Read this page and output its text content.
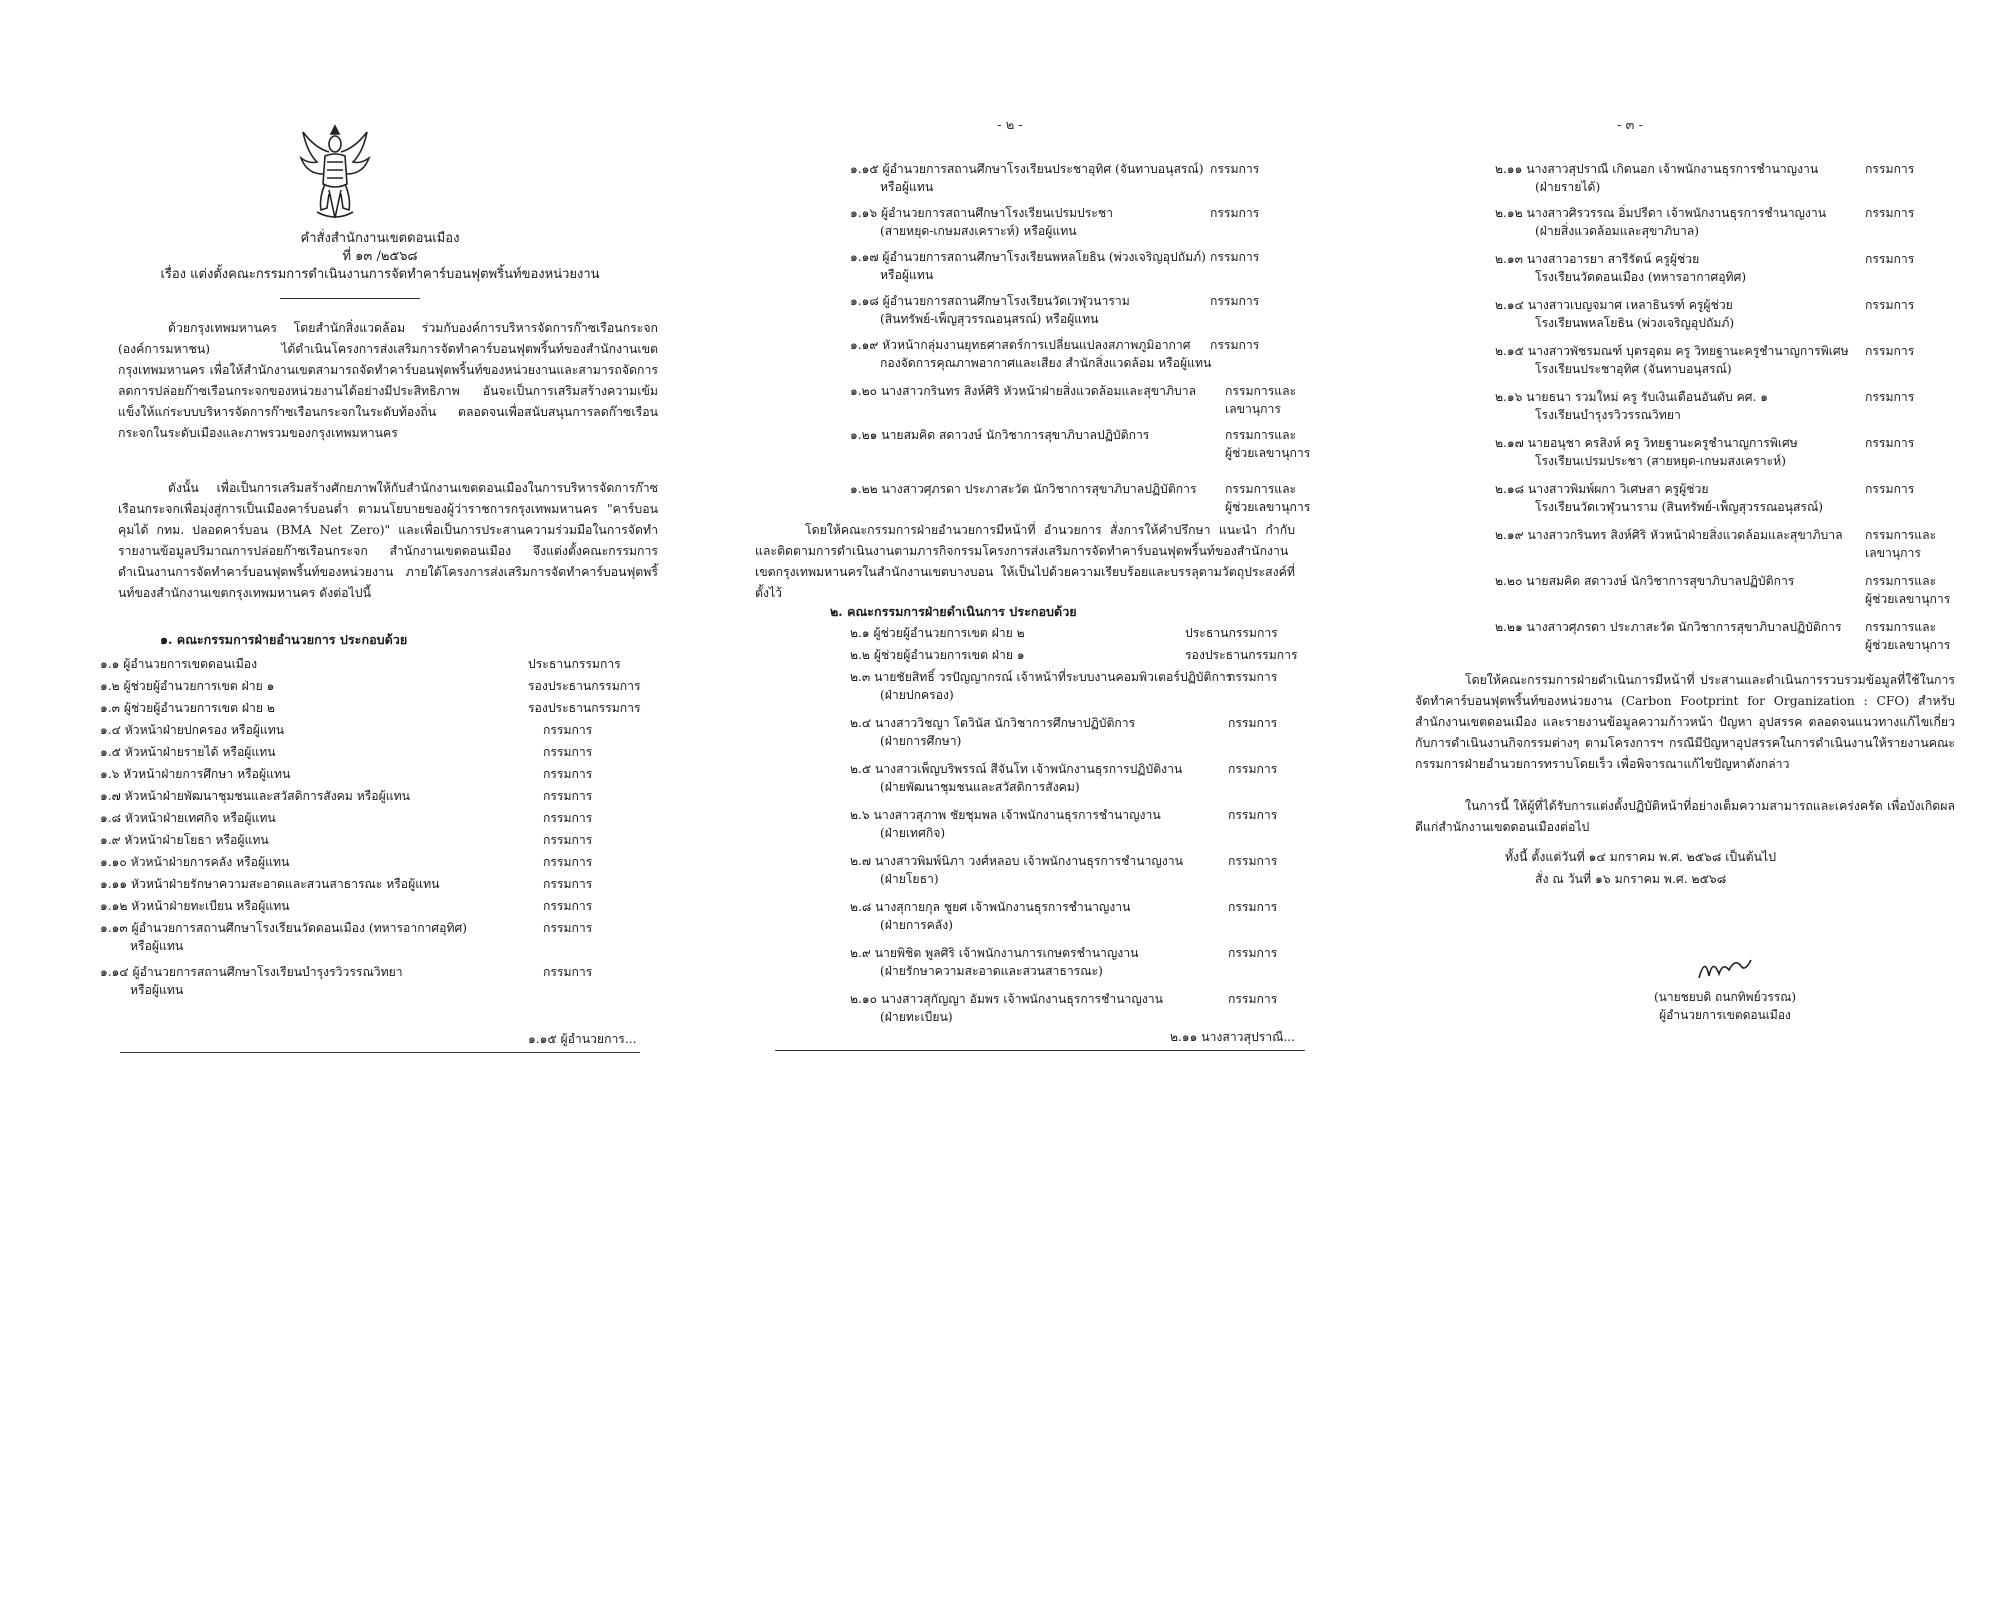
คำสั่งสำนักงานเขตดอนเมือง
ที่ ๑๓ /๒๕๖๘
เรื่อง แต่งตั้งคณะกรรมการดำเนินงานการจัดทำคาร์บอนฟุตพริ้นท์ของหน่วยงาน
ด้วยกรุงเทพมหานคร โดยสำนักสิ่งแวดล้อม ร่วมกับองค์การบริหารจัดการก๊าซเรือนกระจก (องค์การมหาชน) ได้ดำเนินโครงการส่งเสริมการจัดทำคาร์บอนฟุตพริ้นท์ของสำนักงานเขต กรุงเทพมหานคร เพื่อให้สำนักงานเขตสามารถจัดทำคาร์บอนฟุตพริ้นท์ของหน่วยงานและสามารถจัดการลดการปล่อยก๊าซเรือนกระจกของหน่วยงานได้อย่างมีประสิทธิภาพ อันจะเป็นการเสริมสร้างความเข้มแข็งให้แก่ระบบบริหารจัดการก๊าซเรือนกระจกในระดับท้องถิ่น ตลอดจนเพื่อสนับสนุนการลดก๊าซเรือนกระจกในระดับเมืองและภาพรวมของกรุงเทพมหานคร
ดังนั้น เพื่อเป็นการเสริมสร้างศักยภาพให้กับสำนักงานเขตดอนเมืองในการบริหารจัดการก๊าซเรือนกระจกเพื่อมุ่งสู่การเป็นเมืองคาร์บอนต่ำ ตามนโยบายของผู้ว่าราชการกรุงเทพมหานคร "คาร์บอนคุมได้ กทม. ปลอดคาร์บอน (BMA Net Zero)" และเพื่อเป็นการประสานความร่วมมือในการจัดทำรายงานข้อมูลปริมาณการปล่อยก๊าซเรือนกระจก สำนักงานเขตดอนเมือง จึงแต่งตั้งคณะกรรมการดำเนินงานการจัดทำคาร์บอนฟุตพริ้นท์ของหน่วยงาน ภายใต้โครงการส่งเสริมการจัดทำคาร์บอนฟุตพริ้นท์ของสำนักงานเขตกรุงเทพมหานคร ดังต่อไปนี้
๑. คณะกรรมการฝ่ายอำนวยการ ประกอบด้วย
๑.๑ ผู้อำนวยการเขตดอนเมือง	ประธานกรรมการ
๑.๒ ผู้ช่วยผู้อำนวยการเขต ฝ่าย ๑	รองประธานกรรมการ
๑.๓ ผู้ช่วยผู้อำนวยการเขต ฝ่าย ๒	รองประธานกรรมการ
๑.๔ หัวหน้าฝ่ายปกครอง หรือผู้แทน	กรรมการ
๑.๕ หัวหน้าฝ่ายรายได้ หรือผู้แทน	กรรมการ
๑.๖ หัวหน้าฝ่ายการศึกษา หรือผู้แทน	กรรมการ
๑.๗ หัวหน้าฝ่ายพัฒนาชุมชนและสวัสดิการสังคม หรือผู้แทน	กรรมการ
๑.๘ หัวหน้าฝ่ายเทศกิจ หรือผู้แทน	กรรมการ
๑.๙ หัวหน้าฝ่ายโยธา หรือผู้แทน	กรรมการ
๑.๑๐ หัวหน้าฝ่ายการคลัง หรือผู้แทน	กรรมการ
๑.๑๑ หัวหน้าฝ่ายรักษาความสะอาดและสวนสาธารณะ หรือผู้แทน	กรรมการ
๑.๑๒ หัวหน้าฝ่ายทะเบียน หรือผู้แทน	กรรมการ
๑.๑๓ ผู้อำนวยการสถานศึกษาโรงเรียนวัดดอนเมือง (ทหารอากาศอุทิศ)
หรือผู้แทน
กรรมการ
๑.๑๔ ผู้อำนวยการสถานศึกษาโรงเรียนบำรุงรวิวรรณวิทยา
หรือผู้แทน
กรรมการ
๑.๑๕ ผู้อำนวยการ...
- ๒ -
๑.๑๕ ผู้อำนวยการสถานศึกษาโรงเรียนประชาอุทิศ (จันทาบอนุสรณ์)
หรือผู้แทน
กรรมการ
๑.๑๖ ผู้อำนวยการสถานศึกษาโรงเรียนเปรมประชา
(สายหยุด-เกษมสงเคราะห์) หรือผู้แทน
กรรมการ
๑.๑๗ ผู้อำนวยการสถานศึกษาโรงเรียนพหลโยธิน (พ่วงเจริญอุปถัมภ์)
หรือผู้แทน
กรรมการ
๑.๑๘ ผู้อำนวยการสถานศึกษาโรงเรียนวัดเวฬุวนาราม
(สินทรัพย์-เพ็ญสุวรรณอนุสรณ์) หรือผู้แทน
กรรมการ
๑.๑๙ หัวหน้ากลุ่มงานยุทธศาสตร์การเปลี่ยนแปลงสภาพภูมิอากาศ
กองจัดการคุณภาพอากาศและเสียง สำนักสิ่งแวดล้อม หรือผู้แทน
กรรมการ
๑.๒๐ นางสาวกรินทร สิงห์ศิริ หัวหน้าฝ่ายสิ่งแวดล้อมและสุขาภิบาล กรรมการและ
เลขานุการ
๑.๒๑ นายสมคิด สดาวงษ์ นักวิชาการสุขาภิบาลปฏิบัติการ	กรรมการและ
ผู้ช่วยเลขานุการ
๑.๒๒ นางสาวศุภรดา ประภาสะวัต นักวิชาการสุขาภิบาลปฏิบัติการ กรรมการและ
ผู้ช่วยเลขานุการ
โดยให้คณะกรรมการฝ่ายอำนวยการมีหน้าที่ อำนวยการ สั่งการให้คำปรึกษา แนะนำ กำกับและติดตามการดำเนินงานตามภารกิจกรรมโครงการส่งเสริมการจัดทำคาร์บอนฟุตพริ้นท์ของสำนักงานเขตกรุงเทพมหานครในสำนักงานเขตบางบอน ให้เป็นไปด้วยความเรียบร้อยและบรรลุตามวัตถุประสงค์ที่ตั้งไว้
๒. คณะกรรมการฝ่ายดำเนินการ ประกอบด้วย
๒.๑ ผู้ช่วยผู้อำนวยการเขต ฝ่าย ๒	ประธานกรรมการ
๒.๒ ผู้ช่วยผู้อำนวยการเขต ฝ่าย ๑	รองประธานกรรมการ
๒.๓ นายชัยสิทธิ์ วรปัญญากรณ์ เจ้าหน้าที่ระบบงานคอมพิวเตอร์ปฏิบัติการ
(ฝ่ายปกครอง)
กรรมการ
๒.๔ นางสาววิชญา โตวินัส นักวิชาการศึกษาปฏิบัติการ
(ฝ่ายการศึกษา)
กรรมการ
๒.๕ นางสาวเพ็ญบริพรรณ์ สีจันโท เจ้าพนักงานธุรการปฏิบัติงาน
(ฝ่ายพัฒนาชุมชนและสวัสดิการสังคม)
กรรมการ
๒.๖ นางสาวสุภาพ ชัยชุมพล เจ้าพนักงานธุรการชำนาญงาน
(ฝ่ายเทศกิจ)
กรรมการ
๒.๗ นางสาวพิมพ์นิภา วงศ์หลอบ เจ้าพนักงานธุรการชำนาญงาน
(ฝ่ายโยธา)
กรรมการ
๒.๘ นางสุกายกุล ชูยศ เจ้าพนักงานธุรการชำนาญงาน
(ฝ่ายการคลัง)
กรรมการ
๒.๙ นายพิชิต พูลศิริ เจ้าพนักงานการเกษตรชำนาญงาน
(ฝ่ายรักษาความสะอาดและสวนสาธารณะ)
กรรมการ
๒.๑๐ นางสาวสุกัญญา อัมพร เจ้าพนักงานธุรการชำนาญงาน
(ฝ่ายทะเบียน)
กรรมการ
๒.๑๑ นางสาวสุปราณี...
- ๓ -
๒.๑๑ นางสาวสุปราณี เกิดนอก เจ้าพนักงานธุรการชำนาญงาน
(ฝ่ายรายได้)
กรรมการ
๒.๑๒ นางสาวศิรวรรณ อิ่มปรีดา เจ้าพนักงานธุรการชำนาญงาน
(ฝ่ายสิ่งแวดล้อมและสุขาภิบาล)
กรรมการ
๒.๑๓ นางสาวอารยา สารีรัตน์ ครูผู้ช่วย
โรงเรียนวัดดอนเมือง (ทหารอากาศอุทิศ)
กรรมการ
๒.๑๔ นางสาวเบญจมาศ เหลาธินรฑ์ ครูผู้ช่วย
โรงเรียนพหลโยธิน (พ่วงเจริญอุปถัมภ์)
กรรมการ
๒.๑๕ นางสาวพัชรมณฑ์ บุตรอุดม ครู วิทยฐานะครูชำนาญการพิเศษ
โรงเรียนประชาอุทิศ (จันทาบอนุสรณ์)
กรรมการ
๒.๑๖ นายธนา รวมใหม่ ครู รับเงินเดือนอันดับ คศ. ๑
โรงเรียนบำรุงรวิวรรณวิทยา
กรรมการ
๒.๑๗ นายอนุชา ครสิงห์ ครู วิทยฐานะครูชำนาญการพิเศษ
โรงเรียนเปรมประชา (สายหยุด-เกษมสงเคราะห์)
กรรมการ
๒.๑๘ นางสาวพิมพ์ผกา วิเศษสา ครูผู้ช่วย
โรงเรียนวัดเวฬุวนาราม (สินทรัพย์-เพ็ญสุวรรณอนุสรณ์)
กรรมการ
๒.๑๙ นางสาวกรินทร สิงห์ศิริ หัวหน้าฝ่ายสิ่งแวดล้อมและสุขาภิบาล กรรมการและ
เลขานุการ
๒.๒๐ นายสมคิด สดาวงษ์ นักวิชาการสุขาภิบาลปฏิบัติการ	กรรมการและ
ผู้ช่วยเลขานุการ
๒.๒๑ นางสาวศุภรดา ประภาสะวัต นักวิชาการสุขาภิบาลปฏิบัติการ กรรมการและ
ผู้ช่วยเลขานุการ
โดยให้คณะกรรมการฝ่ายดำเนินการมีหน้าที่ ประสานและดำเนินการรวบรวมข้อมูลที่ใช้ในการจัดทำคาร์บอนฟุตพริ้นท์ของหน่วยงาน (Carbon Footprint for Organization : CFO) สำหรับสำนักงานเขตดอนเมือง และรายงานข้อมูลความก้าวหน้า ปัญหา อุปสรรค ตลอดจนแนวทางแก้ไขเกี่ยวกับการดำเนินงานกิจกรรมต่างๆ ตามโครงการฯ กรณีมีปัญหาอุปสรรคในการดำเนินงานให้รายงานคณะกรรมการฝ่ายอำนวยการทราบโดยเร็ว เพื่อพิจารณาแก้ไขปัญหาดังกล่าว
ในการนี้ ให้ผู้ที่ได้รับการแต่งตั้งปฏิบัติหน้าที่อย่างเต็มความสามารถและเคร่งครัด เพื่อบังเกิดผลดีแก่สำนักงานเขตดอนเมืองต่อไป
ทั้งนี้ ตั้งแต่วันที่ ๑๔ มกราคม พ.ศ. ๒๕๖๘ เป็นต้นไป
สั่ง ณ วันที่ ๑๖ มกราคม พ.ศ. ๒๕๖๘
(นายชยบดิ ถนกทิพย์วรรณ)
ผู้อำนวยการเขตดอนเมือง
